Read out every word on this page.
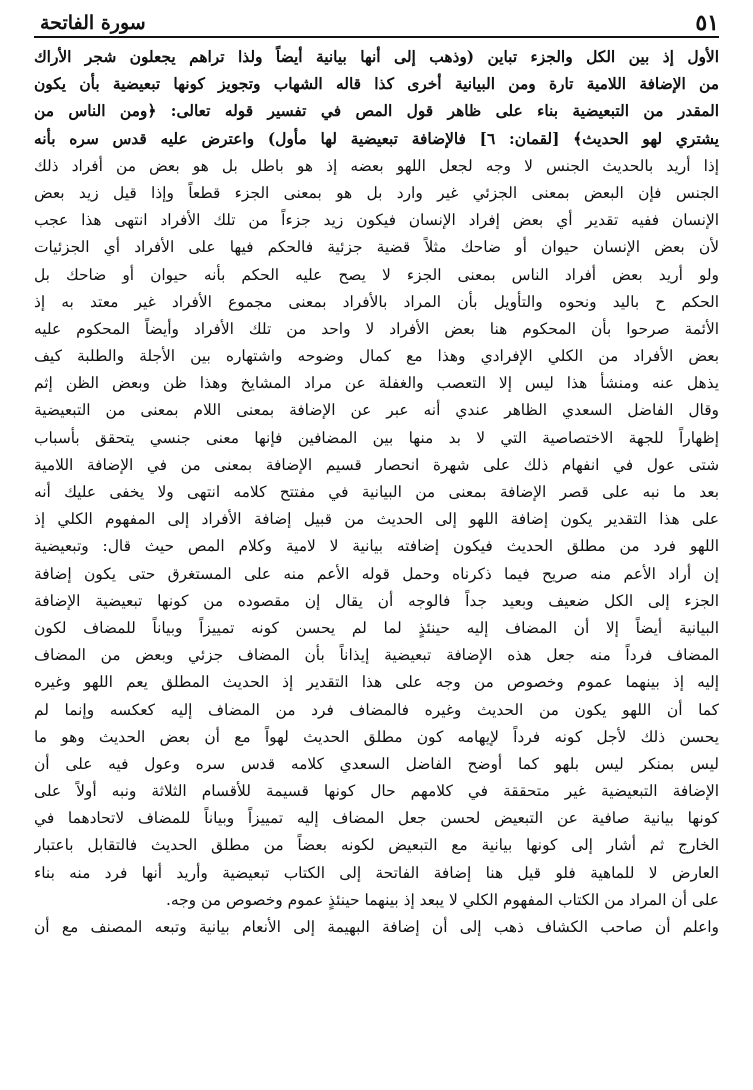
٥١
سورة الفاتحة
الأول إذ بين الكل والجزء تباين (وذهب إلى أنها بيانية أيضاً ولذا تراهم يجعلون شجر الأراك
من الإضافة اللامية تارة ومن البيانية أخرى كذا قاله الشهاب وتجويز كونها تبعيضية بأن يكون
المقدر من التبعيضية بناء على ظاهر قول المص في تفسير قوله تعالى: ﴿ومن الناس من
يشتري لهو الحديث﴾ [لقمان: ٦] فالإضافة تبعيضية لها مأول) واعترض عليه قدس سره بأنه
إذا أريد بالحديث الجنس لا وجه لجعل اللهو بعضه إذ هو باطل بل هو بعض من أفراد ذلك
الجنس فإن البعض بمعنى الجزئي غير وارد بل هو بمعنى الجزء قطعاً وإذا قيل زيد بعض
الإنسان ففيه تقدير أي بعض إفراد الإنسان فيكون زيد جزءاً من تلك الأفراد انتهى هذا عجب
لأن بعض الإنسان حيوان أو ضاحك مثلاً قضية جزئية فالحكم فيها على الأفراد أي الجزئيات
ولو أريد بعض أفراد الناس بمعنى الجزء لا يصح عليه الحكم بأنه حيوان أو ضاحك بل
الحكم ح باليد ونحوه والتأويل بأن المراد بالأفراد بمعنى مجموع الأفراد غير معتد به إذ
الأئمة صرحوا بأن المحكوم هنا بعض الأفراد لا واحد من تلك الأفراد وأيضاً المحكوم عليه
بعض الأفراد من الكلي الإفرادي وهذا مع كمال وضوحه واشتهاره بين الأجلة والطلبة كيف
يذهل عنه ومنشأ هذا ليس إلا التعصب والغفلة عن مراد المشايخ وهذا ظن وبعض الظن إثم
وقال الفاضل السعدي الظاهر عندي أنه عبر عن الإضافة بمعنى اللام بمعنى من التبعيضية
إظهاراً للجهة الاختصاصية التي لا بد منها بين المضافين فإنها معنى جنسي يتحقق بأسباب
شتى عول في انفهام ذلك على شهرة انحصار قسيم الإضافة بمعنى من في الإضافة اللامية
بعد ما نبه على قصر الإضافة بمعنى من البيانية في مفتتح كلامه انتهى ولا يخفى عليك أنه
على هذا التقدير يكون إضافة اللهو إلى الحديث من قبيل إضافة الأفراد إلى المفهوم الكلي إذ
اللهو فرد من مطلق الحديث فيكون إضافته بيانية لا لامية وكلام المص حيث قال: وتبعيضية
إن أراد الأعم منه صريح فيما ذكرناه وحمل قوله الأعم منه على المستغرق حتى يكون إضافة
الجزء إلى الكل ضعيف وبعيد جداً فالوجه أن يقال إن مقصوده من كونها تبعيضية الإضافة
البيانية أيضاً إلا أن المضاف إليه حينئذٍ لما لم يحسن كونه تمييزاً وبياناً للمضاف لكون
المضاف فرداً منه جعل هذه الإضافة تبعيضية إيذاناً بأن المضاف جزئي وبعض من المضاف
إليه إذ بينهما عموم وخصوص من وجه على هذا التقدير إذ الحديث المطلق يعم اللهو وغيره
كما أن اللهو يكون من الحديث وغيره فالمضاف فرد من المضاف إليه كعكسه وإنما لم
يحسن ذلك لأجل كونه فرداً لإيهامه كون مطلق الحديث لهواً مع أن بعض الحديث وهو ما
ليس بمنكر ليس بلهو كما أوضح الفاضل السعدي كلامه قدس سره وعول فيه على أن
الإضافة التبعيضية غير متحققة في كلامهم حال كونها قسيمة للأقسام الثلاثة ونبه أولاً على
كونها بيانية صافية عن التبعيض لحسن جعل المضاف إليه تمييزاً وبياناً للمضاف لاتحادهما في
الخارج ثم أشار إلى كونها بيانية مع التبعيض لكونه بعضاً من مطلق الحديث فالتقابل باعتبار
العارض لا للماهية فلو قيل هنا إضافة الفاتحة إلى الكتاب تبعيضية وأريد أنها فرد منه بناء
على أن المراد من الكتاب المفهوم الكلي لا يبعد إذ بينهما حينئذٍ عموم وخصوص من وجه.
واعلم أن صاحب الكشاف ذهب إلى أن إضافة البهيمة إلى الأنعام بيانية وتبعه المصنف مع أن
